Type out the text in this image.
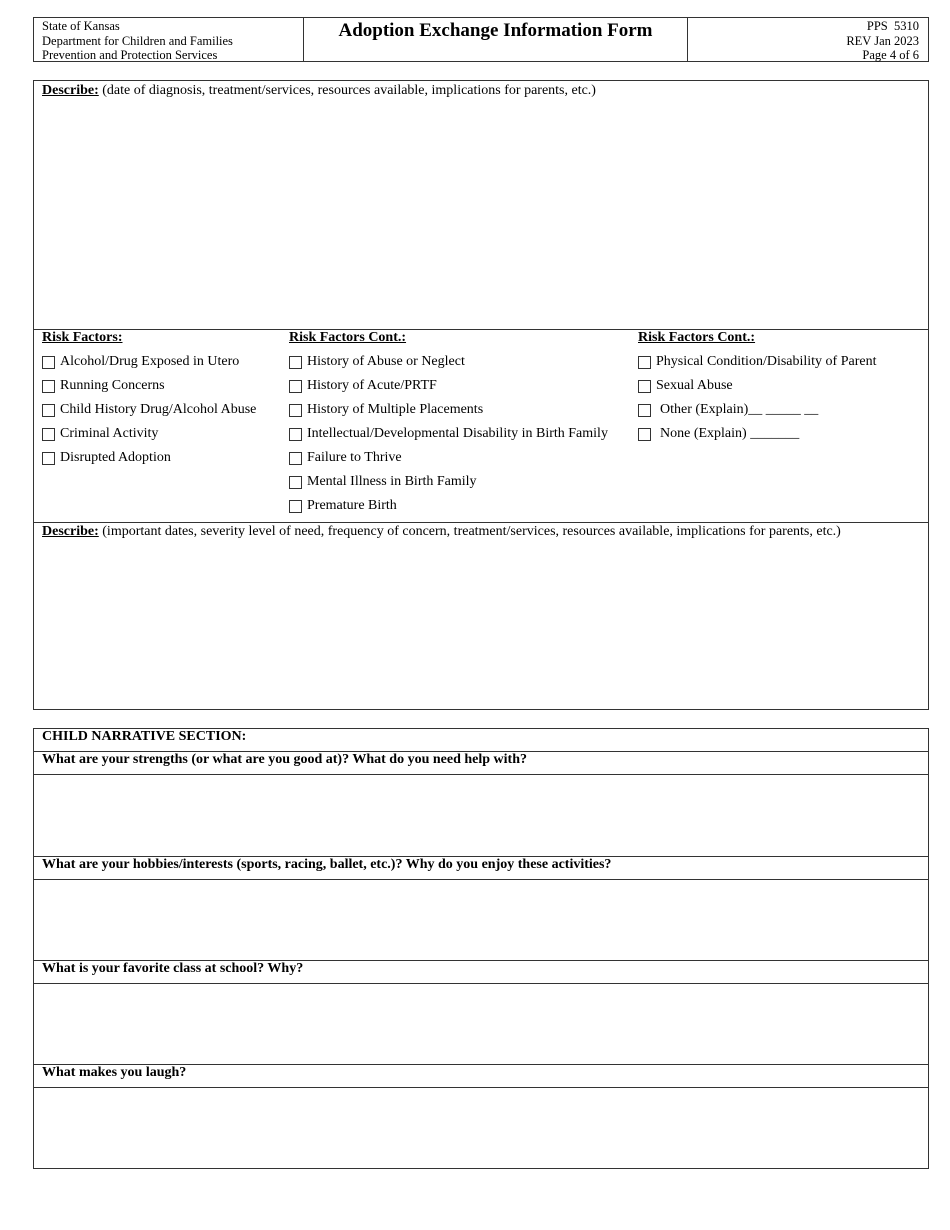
State of Kansas
Department for Children and Families
Prevention and Protection Services
Adoption Exchange Information Form	PPS  5310
REV Jan 2023
Page 4 of 6
Describe: (date of diagnosis, treatment/services, resources available, implications for parents, etc.)
Risk Factors:
Alcohol/Drug Exposed in Utero
Running Concerns
Child History Drug/Alcohol Abuse
Criminal Activity
Disrupted Adoption
Risk Factors Cont.:
History of Abuse or Neglect
History of Acute/PRTF
History of Multiple Placements
Intellectual/Developmental Disability in Birth Family
Failure to Thrive
Mental Illness in Birth Family
Premature Birth
Risk Factors Cont.:
Physical Condition/Disability of Parent
Sexual Abuse
Other (Explain)__ _____ __
None (Explain) _______
Describe: (important dates, severity level of need, frequency of concern, treatment/services, resources available, implications for parents, etc.)
CHILD NARRATIVE SECTION:
What are your strengths (or what are you good at)? What do you need help with?
What are your hobbies/interests (sports, racing, ballet, etc.)? Why do you enjoy these activities?
What is your favorite class at school? Why?
What makes you laugh?
